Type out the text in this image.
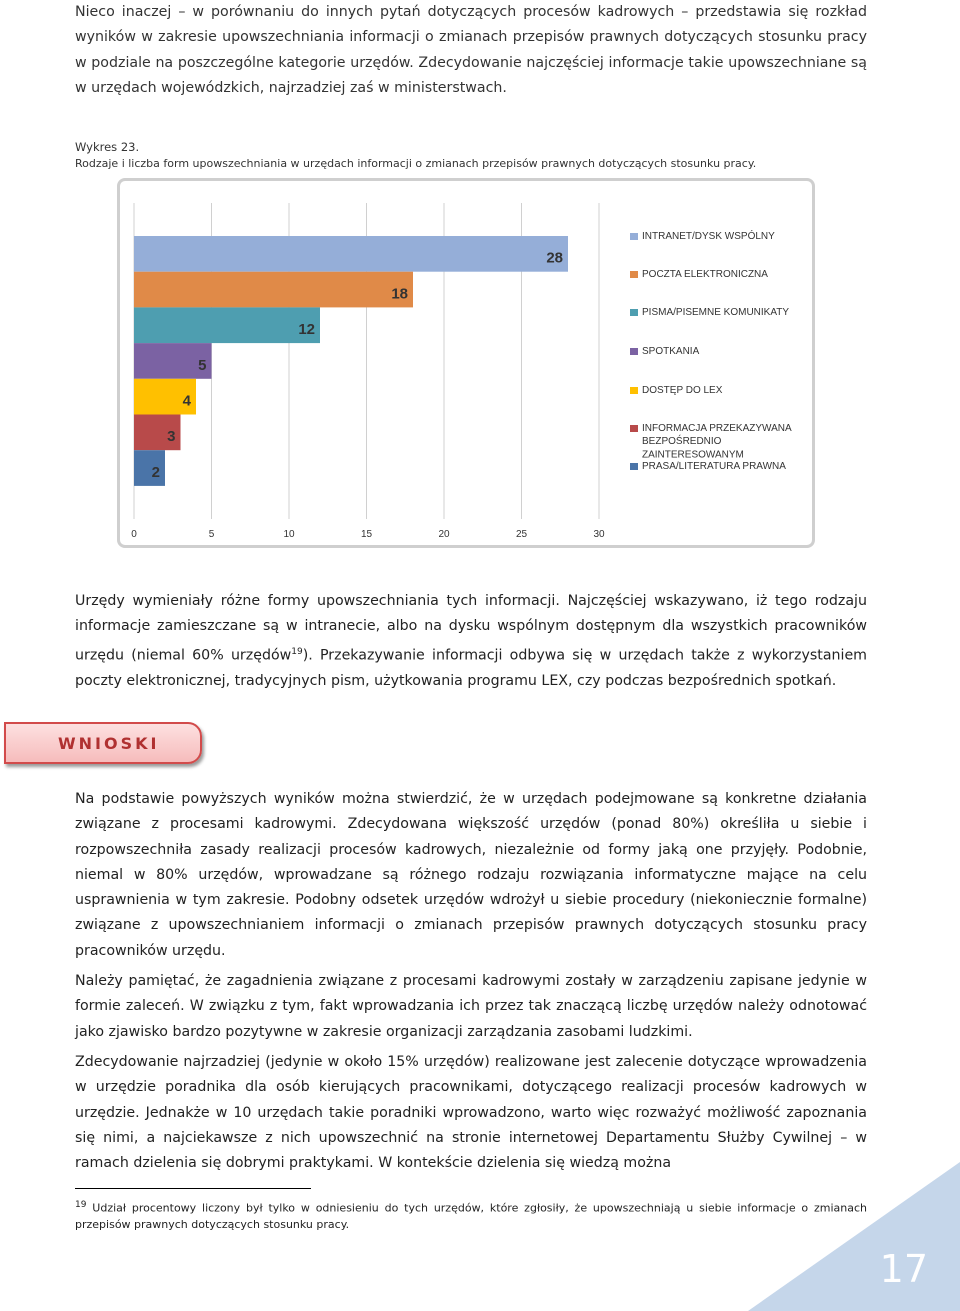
Nieco inaczej – w porównaniu do innych pytań dotyczących procesów kadrowych – przedstawia się rozkład wyników w zakresie upowszechniania informacji o zmianach przepisów prawnych dotyczących stosunku pracy w podziale na poszczególne kategorie urzędów. Zdecydowanie najczęściej informacje takie upowszechniane są w urzędach wojewódzkich, najrzadziej zaś w ministerstwach.
Wykres 23.
Rodzaje i liczba form upowszechniania w urzędach informacji o zmianach przepisów prawnych dotyczących stosunku pracy.
0	5	10	15	20	25	30
28
18
12
5
4
3
2
INTRANET/DYSK WSPÓLNY
POCZTA ELEKTRONICZNA
PISMA/PISEMNE KOMUNIKATY
SPOTKANIA
DOSTĘP DO LEX
INFORMACJA PRZEKAZYWANA
BEZPOŚREDNIO
ZAINTERESOWANYM
PRASA/LITERATURA PRAWNA
Urzędy wymieniały różne formy upowszechniania tych informacji. Najczęściej wskazywano, iż tego rodzaju informacje zamieszczane są w intranecie, albo na dysku wspólnym dostępnym dla wszystkich pracowników urzędu (niemal 60% urzędów$^{19}$). Przekazywanie informacji odbywa się w urzędach także z wykorzystaniem poczty elektronicznej, tradycyjnych pism, użytkowania programu LEX, czy podczas bezpośrednich spotkań.
WNIOSKI
Na podstawie powyższych wyników można stwierdzić, że w urzędach podejmowane są konkretne działania związane z procesami kadrowymi. Zdecydowana większość urzędów (ponad 80%) określiła u siebie i rozpowszechniła zasady realizacji procesów kadrowych, niezależnie od formy jaką one przyjęły. Podobnie, niemal w 80% urzędów, wprowadzane są różnego rodzaju rozwiązania informatyczne mające na celu usprawnienia w tym zakresie. Podobny odsetek urzędów wdrożył u siebie procedury (niekoniecznie formalne) związane z upowszechnianiem informacji o zmianach przepisów prawnych dotyczących stosunku pracy pracowników urzędu.
Należy pamiętać, że zagadnienia związane z procesami kadrowymi zostały w zarządzeniu zapisane jedynie w formie zaleceń. W związku z tym, fakt wprowadzania ich przez tak znaczącą liczbę urzędów należy odnotować jako zjawisko bardzo pozytywne w zakresie organizacji zarządzania zasobami ludzkimi.
Zdecydowanie najrzadziej (jedynie w około 15% urzędów) realizowane jest zalecenie dotyczące wprowadzenia w urzędzie poradnika dla osób kierujących pracownikami, dotyczącego realizacji procesów kadrowych w urzędzie. Jednakże w 10 urzędach takie poradniki wprowadzono, warto więc rozważyć możliwość zapoznania się nimi, a najciekawsze z nich upowszechnić na stronie internetowej Departamentu Służby Cywilnej – w ramach dzielenia się dobrymi praktykami. W kontekście dzielenia się wiedzą można
$^{19}$ Udział procentowy liczony był tylko w odniesieniu do tych urzędów, które zgłosiły, że upowszechniają u siebie informacje o zmianach przepisów prawnych dotyczących stosunku pracy.
17
